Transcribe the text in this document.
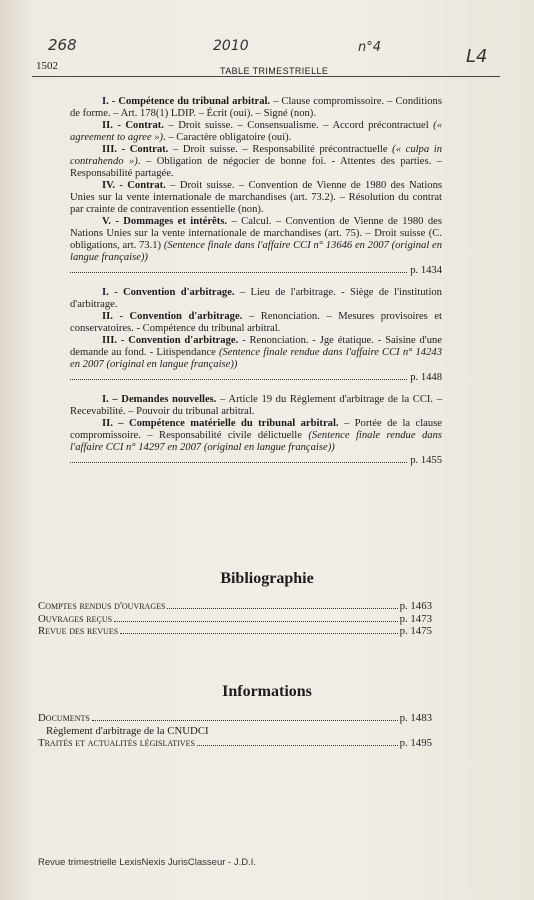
268	2010	n°4	L4
1502	TABLE TRIMESTRIELLE

I. - Compétence du tribunal arbitral. – Clause compromissoire. – Conditions de forme. – Art. 178(1) LDIP. – Écrit (oui). – Signé (non).

II. - Contrat. – Droit suisse. – Consensualisme. – Accord précontractuel (« agreement to agree »). – Caractère obligatoire (oui).

III. - Contrat. – Droit suisse. – Responsabilité précontractuelle (« culpa in contrahendo »). – Obligation de négocier de bonne foi. - Attentes des parties. – Responsabilité partagée.

IV. - Contrat. – Droit suisse. – Convention de Vienne de 1980 des Nations Unies sur la vente internationale de marchandises (art. 73.2). – Résolution du contrat par crainte de contravention essentielle (non).

V. - Dommages et intérêts. – Calcul. – Convention de Vienne de 1980 des Nations Unies sur la vente internationale de marchandises (art. 75). – Droit suisse (C. obligations, art. 73.1) (Sentence finale dans l'affaire CCI n° 13646 en 2007 (original en langue française))

p. 1434

I. - Convention d'arbitrage. – Lieu de l'arbitrage. - Siège de l'institution d'arbitrage.

II. - Convention d'arbitrage. – Renonciation. – Mesures provisoires et conservatoires. - Compétence du tribunal arbitral.

III. - Convention d'arbitrage. - Renonciation. - Jge étatique. - Saisine d'une demande au fond. - Litispendance (Sentence finale rendue dans l'affaire CCI n° 14243 en 2007 (original en langue française))

p. 1448

I. – Demandes nouvelles. – Article 19 du Règlement d'arbitrage de la CCI. – Recevabilité. – Pouvoir du tribunal arbitral.

II. – Compétence matérielle du tribunal arbitral. – Portée de la clause compromissoire. – Responsabilité civile délictuelle (Sentence finale rendue dans l'affaire CCI n° 14297 en 2007 (original en langue française))

p. 1455
Bibliographie
Comptes rendus d'ouvrages	p. 1463
Ouvrages reçus	p. 1473
Revue des revues	p. 1475
Informations
Documents	p. 1483
Règlement d'arbitrage de la CNUDCI
Traités et actualités législatives	p. 1495
Revue trimestrielle LexisNexis JurisClasseur - J.D.I.
